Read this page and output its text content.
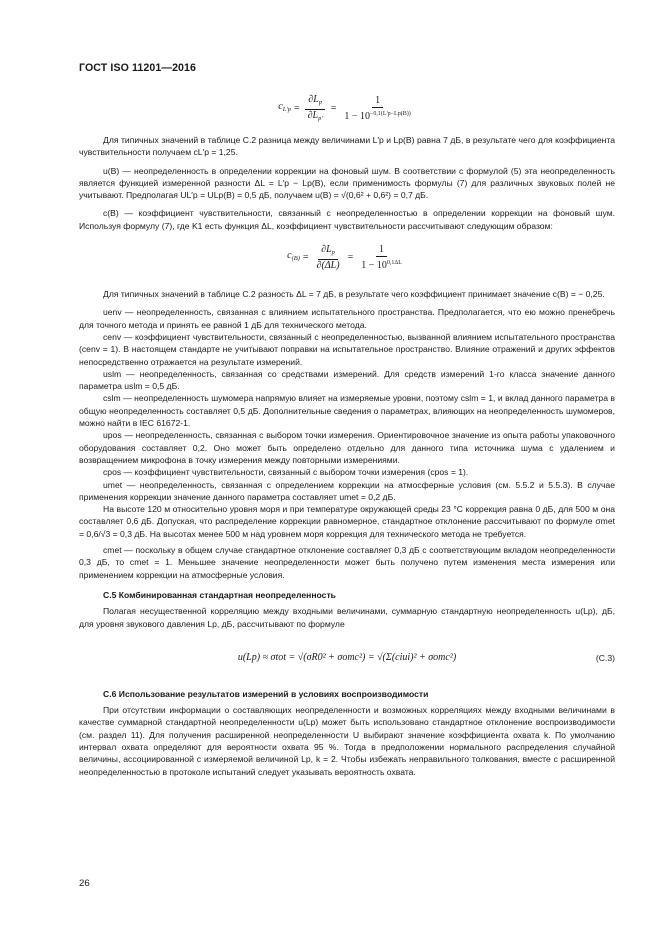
ГОСТ ISO 11201—2016
$c_{L'p} = \frac{\partial L_p}{\partial L_{p'}} = \frac{1}{1 - 10^{-0,1(L'p-Lp(B))}}$

Для типичных значений в таблице С.2 разница между величинами L′p и Lp(B) равна 7 дБ, в результате чего для коэффициента чувствительности получаем cL′p = 1,25.

u(B) — неопределенность в определении коррекции на фоновый шум. В соответствии с формулой (5) эта неопределенность является функцией измеренной разности ΔL = L′p − Lp(B), если применимость формулы (7) для различных звуковых полей не учитывают. Предполагая UL′p = ULp(B) = 0,5 дБ, получаем u(B) = √(0,6² + 0,6²) = 0,7 дБ.

c(B) — коэффициент чувствительности, связанный с неопределенностью в определении коррекции на фоновый шум. Используя формулу (7), где K1 есть функция ΔL, коэффициент чувствительности рассчитывают следующим образом:

$c_{(B)} = \frac{\partial L_p}{\partial(\Delta L)} = \frac{1}{1 - 10^{0,1\Delta L}}$

Для типичных значений в таблице С.2 разность ΔL = 7 дБ, в результате чего коэффициент принимает значение c(B) = − 0,25.

uenv — неопределенность, связанная с влиянием испытательного пространства. Предполагается, что ею можно пренебречь для точного метода и принять ее равной 1 дБ для технического метода.

cenv — коэффициент чувствительности, связанный с неопределенностью, вызванной влиянием испытательного пространства (cenv = 1). В настоящем стандарте не учитывают поправки на испытательное пространство. Влияние отражений и других эффектов непосредственно отражается на результате измерений.

uslm — неопределенность, связанная со средствами измерений. Для средств измерений 1-го класса значение данного параметра uslm = 0,5 дБ.

cslm — неопределенность шумомера напрямую влияет на измеряемые уровни, поэтому cslm = 1, и вклад данного параметра в общую неопределенность составляет 0,5 дБ. Дополнительные сведения о параметрах, влияющих на неопределенность шумомеров, можно найти в IEC 61672-1.

upos — неопределенность, связанная с выбором точки измерения. Ориентировочное значение из опыта работы упаковочного оборудования составляет 0,2. Оно может быть определено отдельно для данного типа источника шума с удалением и возвращением микрофона в точку измерения между повторными измерениями.

cpos — коэффициент чувствительности, связанный с выбором точки измерения (cpos = 1).

umet — неопределенность, связанная с определением коррекции на атмосферные условия (см. 5.5.2 и 5.5.3). В случае применения коррекции значение данного параметра составляет umet = 0,2 дБ.

На высоте 120 м относительно уровня моря и при температуре окружающей среды 23 °С коррекция равна 0 дБ, для 500 м она составляет 0,6 дБ. Допуская, что распределение коррекции равномерное, стандартное отклонение рассчитывают по формуле σmet = 0,6/√3 = 0,3 дБ. На высотах менее 500 м над уровнем моря коррекция для технического метода не требуется.

cmet — поскольку в общем случае стандартное отклонение составляет 0,3 дБ с соответствующим вкладом неопределенности 0,3 дБ, то cmet = 1. Меньшее значение неопределенности может быть получено путем изменения места измерения или применением коррекции на атмосферные условия.

С.5 Комбинированная стандартная неопределенность

Полагая несущественной корреляцию между входными величинами, суммарную стандартную неопределенность u(Lp), дБ, для уровня звукового давления Lp, дБ, рассчитывают по формуле

u(Lp) ≈ σtot = √(σR0² + σomc²) = √(Σ(ciui)² + σomc²)	(С.3)

С.6 Использование результатов измерений в условиях воспроизводимости

При отсутствии информации о составляющих неопределенности и возможных корреляциях между входными величинами в качестве суммарной стандартной неопределенности u(Lp) может быть использовано стандартное отклонение воспроизводимости (см. раздел 11). Для получения расширенной неопределенности U выбирают значение коэффициента охвата k. По умолчанию интервал охвата определяют для вероятности охвата 95 %. Тогда в предположении нормального распределения случайной величины, ассоциированной с измеряемой величиной Lp, k = 2. Чтобы избежать неправильного толкования, вместе с расширенной неопределенностью в протоколе испытаний следует указывать вероятность охвата.

26
